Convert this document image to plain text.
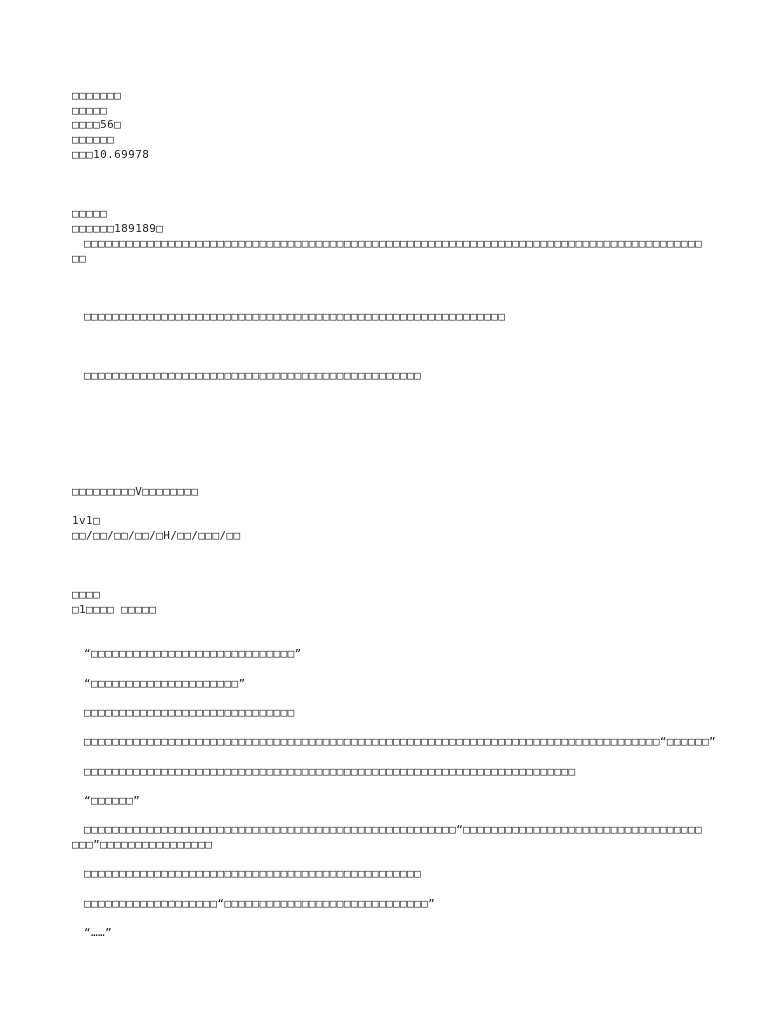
□□□□□□□
□□□□□
□□□□56□
□□□□□□
□□□10.69978
□□□□□
□□□□□□189189□
□□□□□□□□□□□□□□□□□□□□□□□□□□□□□□□□□□□□□□□□□□□□□□□□□□□□□□□□□□□□□□□□□□□□□□□□□□□□□□□□□□□□□□□□□□
□□□□□□□□□□□□□□□□□□□□□□□□□□□□□□□□□□□□□□□□□□□□□□□□□□□□□□□□□□□□
□□□□□□□□□□□□□□□□□□□□□□□□□□□□□□□□□□□□□□□□□□□□□□□□
□□□□□□□□□V□□□□□□□□
1v1□
□□/□□/□□/□□/□H/□□/□□□/□□
□□□□
□1□□□□ □□□□□
“□□□□□□□□□□□□□□□□□□□□□□□□□□□□□”
“□□□□□□□□□□□□□□□□□□□□□”
□□□□□□□□□□□□□□□□□□□□□□□□□□□□□□
□□□□□□□□□□□□□□□□□□□□□□□□□□□□□□□□□□□□□□□□□□□□□□□□□□□□□□□□□□□□□□□□□□□□□□□□□□□□□□□□□□“□□□□□□”
□□□□□□□□□□□□□□□□□□□□□□□□□□□□□□□□□□□□□□□□□□□□□□□□□□□□□□□□□□□□□□□□□□□□□□
“□□□□□□”
□□□□□□□□□□□□□□□□□□□□□□□□□□□□□□□□□□□□□□□□□□□□□□□□□□□□□“□□□□□□□□□□□□□□□□□□□□□□□□□□□□□□□□□□□□□”□□□□□□□□□□□□□□□□
□□□□□□□□□□□□□□□□□□□□□□□□□□□□□□□□□□□□□□□□□□□□□□□□
□□□□□□□□□□□□□□□□□□□“□□□□□□□□□□□□□□□□□□□□□□□□□□□□□”
“……”
